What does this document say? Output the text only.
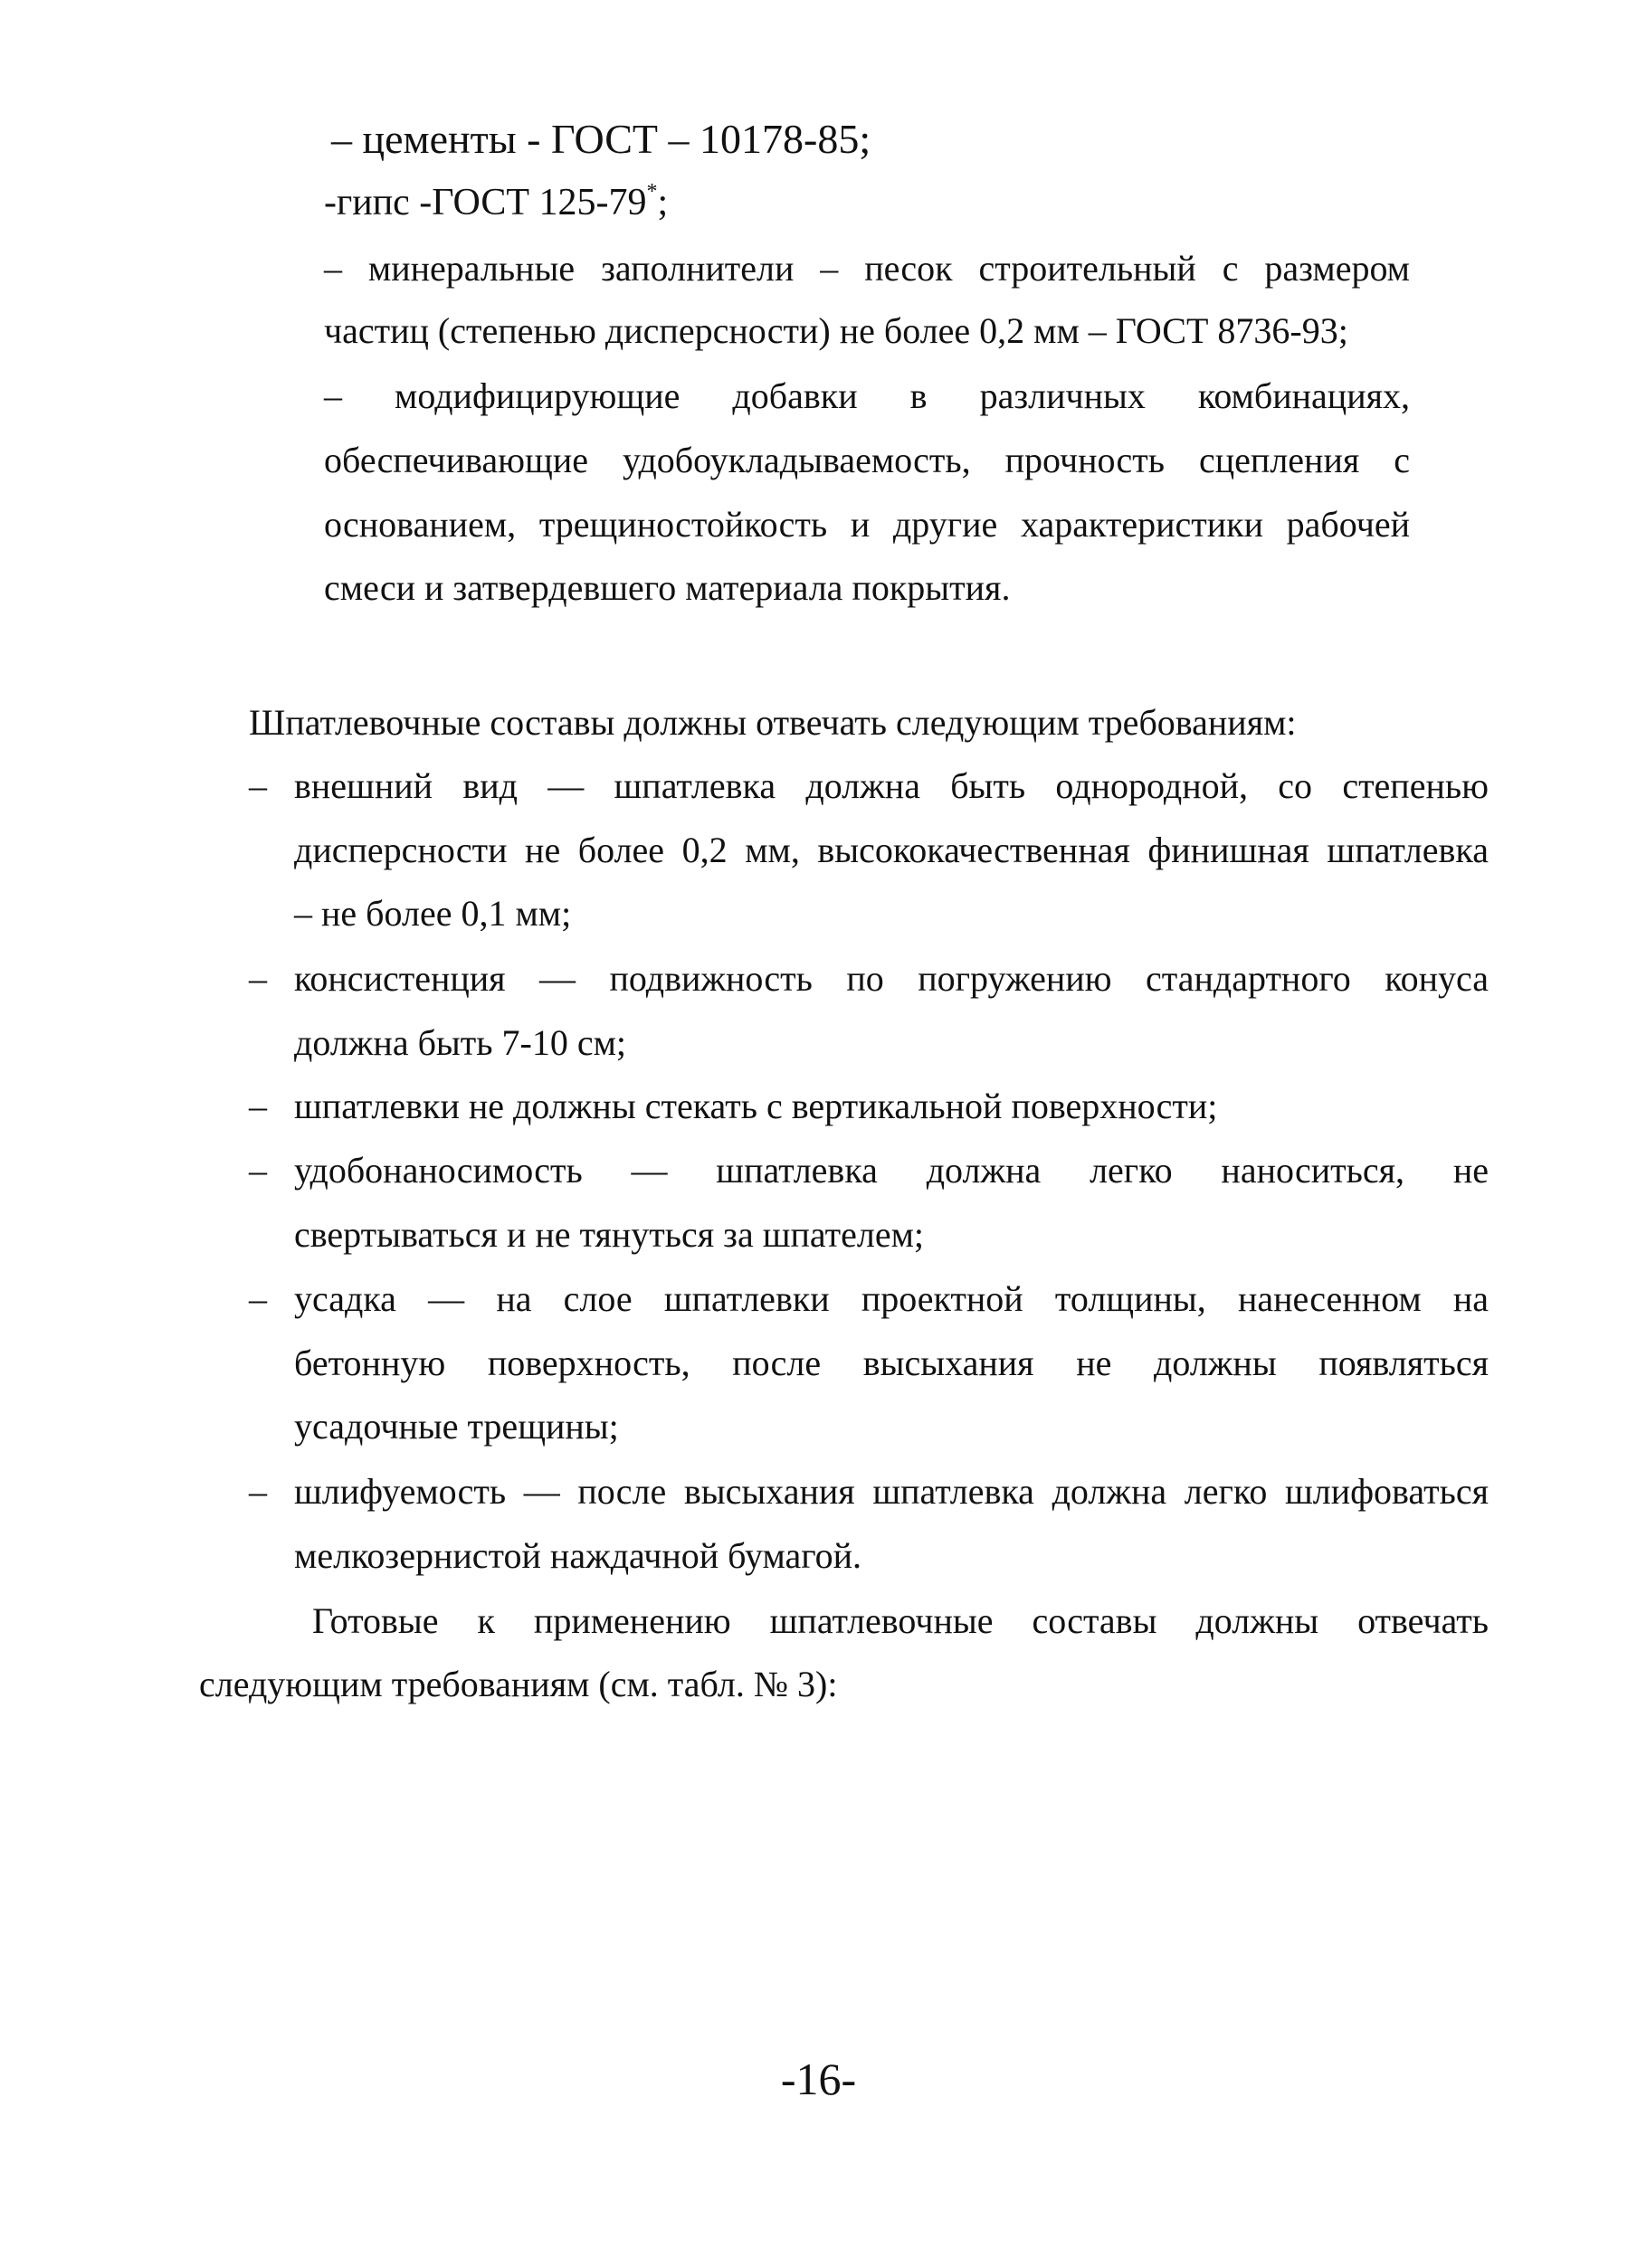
– цементы - ГОСТ – 10178-85;
-гипс -ГОСТ 125-79*;
– минеральные заполнители – песок строительный с размером
частиц (степенью дисперсности) не более 0,2 мм – ГОСТ 8736-93;
– модифицирующие добавки в различных комбинациях,
обеспечивающие удобоукладываемость, прочность сцепления с
основанием, трещиностойкость и другие характеристики рабочей
смеси и затвердевшего материала покрытия.
Шпатлевочные составы должны отвечать следующим требованиям:
– внешний вид — шпатлевка должна быть однородной, со степенью
дисперсности не более 0,2 мм, высококачественная финишная шпатлевка
– не более 0,1 мм;
– консистенция — подвижность по погружению стандартного конуса
должна быть 7-10 см;
– шпатлевки не должны стекать с вертикальной поверхности;
– удобонаносимость — шпатлевка должна легко наноситься, не
свертываться и не тянуться за шпателем;
– усадка — на слое шпатлевки проектной толщины, нанесенном на
бетонную поверхность, после высыхания не должны появляться
усадочные трещины;
– шлифуемость — после высыхания шпатлевка должна легко шлифоваться
мелкозернистой наждачной бумагой.
Готовые к применению шпатлевочные составы должны отвечать
следующим требованиям (см. табл. № 3):
-16-
